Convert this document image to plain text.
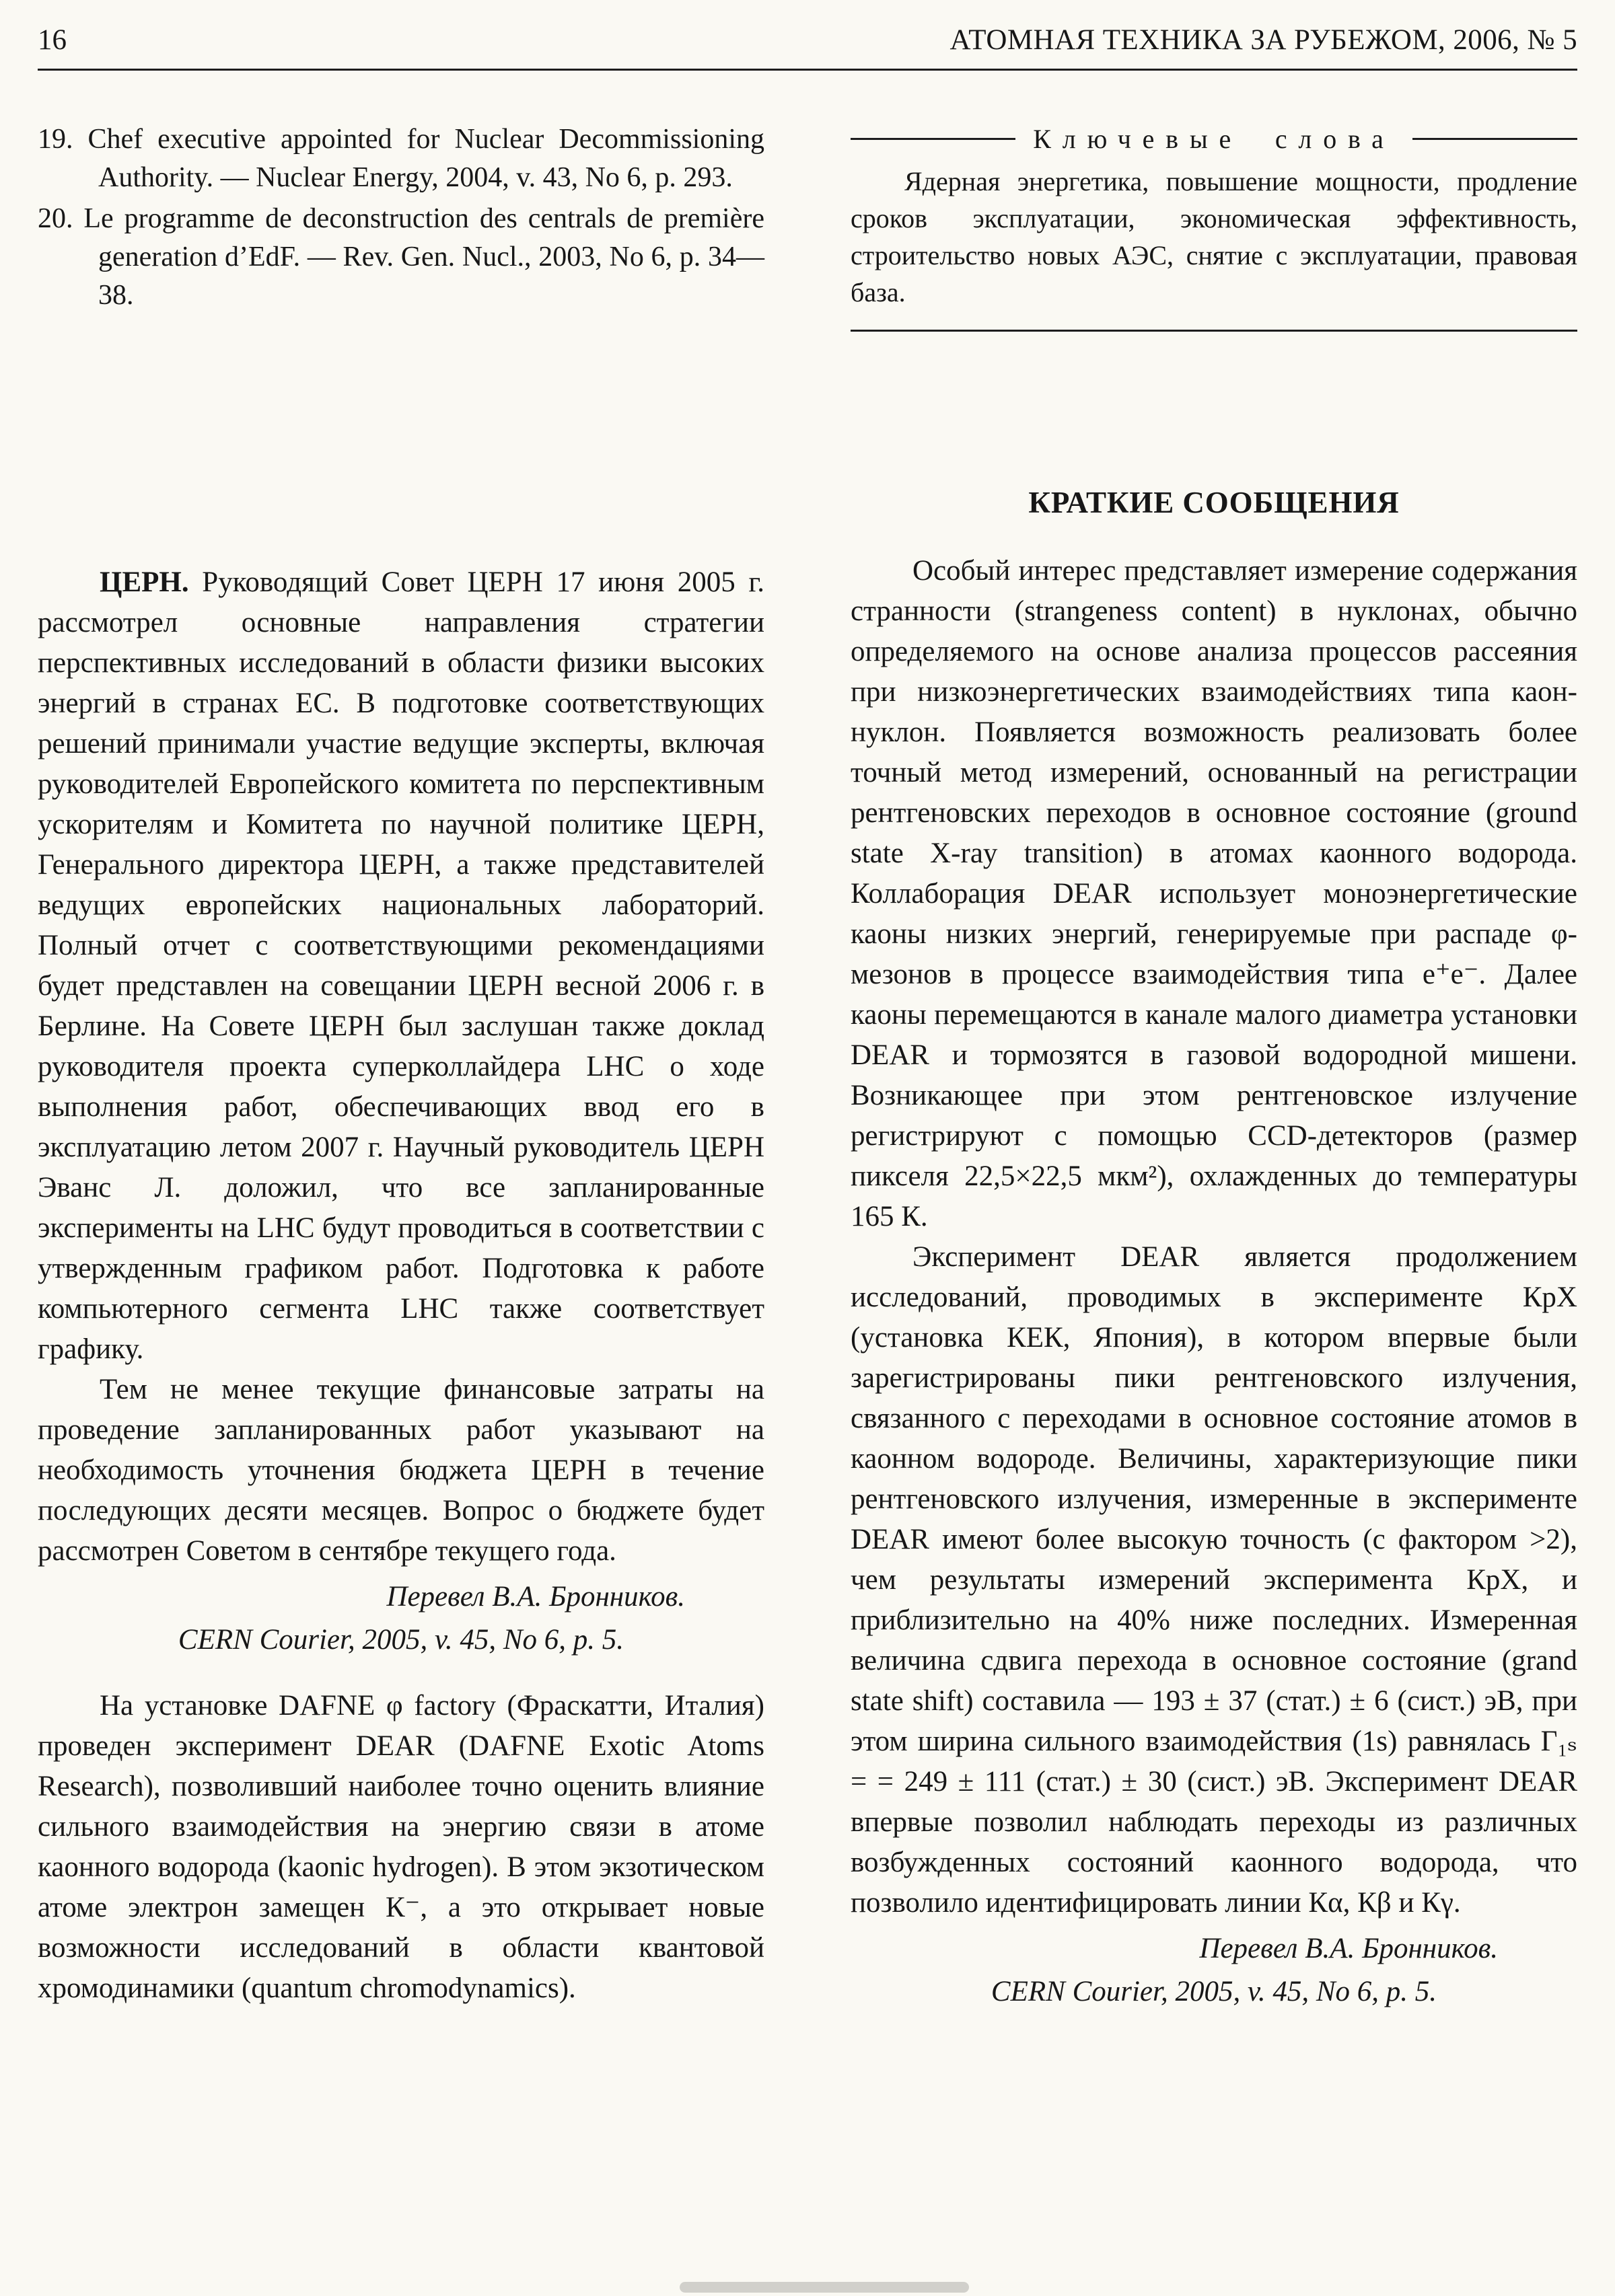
16	АТОМНАЯ ТЕХНИКА ЗА РУБЕЖОМ, 2006, № 5

19. Chef executive appointed for Nuclear Decommissioning Authority. — Nuclear Energy, 2004, v. 43, No 6, p. 293.

20. Le programme de deconstruction des centrals de première generation d’EdF. — Rev. Gen. Nucl., 2003, No 6, p. 34—38.

ЦЕРН. Руководящий Совет ЦЕРН 17 июня 2005 г. рассмотрел основные направления стратегии перспективных исследований в области физики высоких энергий в странах ЕС. В подготовке соответствующих решений принимали участие ведущие эксперты, включая руководителей Европейского комитета по перспективным ускорителям и Комитета по научной политике ЦЕРН, Генерального директора ЦЕРН, а также представителей ведущих европейских национальных лабораторий. Полный отчет с соответствующими рекомендациями будет представлен на совещании ЦЕРН весной 2006 г. в Берлине. На Совете ЦЕРН был заслушан также доклад руководителя проекта суперколлайдера LHC о ходе выполнения работ, обеспечивающих ввод его в эксплуатацию летом 2007 г. Научный руководитель ЦЕРН Эванс Л. доложил, что все запланированные эксперименты на LHC будут проводиться в соответствии с утвержденным графиком работ. Подготовка к работе компьютерного сегмента LHC также соответствует графику.

Тем не менее текущие финансовые затраты на проведение запланированных работ указывают на необходимость уточнения бюджета ЦЕРН в течение последующих десяти месяцев. Вопрос о бюджете будет рассмотрен Советом в сентябре текущего года.

Перевел В.А. Бронников.

CERN Courier, 2005, v. 45, No 6, p. 5.

На установке DAFNE φ factory (Фраскатти, Италия) проведен эксперимент DEAR (DAFNE Exotic Atoms Research), позволивший наиболее точно оценить влияние сильного взаимодействия на энергию связи в атоме каонного водорода (kaonic hydrogen). В этом экзотическом атоме электрон замещен К⁻, а это открывает новые возможности исследований в области квантовой хромодинамики (quantum chromodynamics).

Ключевые слова

Ядерная энергетика, повышение мощности, продление сроков эксплуатации, экономическая эффективность, строительство новых АЭС, снятие с эксплуатации, правовая база.

КРАТКИЕ СООБЩЕНИЯ

Особый интерес представляет измерение содержания странности (strangeness content) в нуклонах, обычно определяемого на основе анализа процессов рассеяния при низкоэнергетических взаимодействиях типа каон-нуклон. Появляется возможность реализовать более точный метод измерений, основанный на регистрации рентгеновских переходов в основное состояние (ground state X-ray transition) в атомах каонного водорода. Коллаборация DEAR использует моноэнергетические каоны низких энергий, генерируемые при распаде φ-мезонов в процессе взаимодействия типа e⁺e⁻. Далее каоны перемещаются в канале малого диаметра установки DEAR и тормозятся в газовой водородной мишени. Возникающее при этом рентгеновское излучение регистрируют с помощью CCD-детекторов (размер пикселя 22,5×22,5 мкм²), охлажденных до температуры 165 К.

Эксперимент DEAR является продолжением исследований, проводимых в эксперименте КрХ (установка КЕК, Япония), в котором впервые были зарегистрированы пики рентгеновского излучения, связанного с переходами в основное состояние атомов в каонном водороде. Величины, характеризующие пики рентгеновского излучения, измеренные в эксперименте DEAR имеют более высокую точность (с фактором >2), чем результаты измерений эксперимента КрХ, и приблизительно на 40% ниже последних. Измеренная величина сдвига перехода в основное состояние (grand state shift) составила — 193 ± 37 (стат.) ± 6 (сист.) эВ, при этом ширина сильного взаимодействия (1s) равнялась Γ₁ₛ = = 249 ± 111 (стат.) ± 30 (сист.) эВ. Эксперимент DEAR впервые позволил наблюдать переходы из различных возбужденных состояний каонного водорода, что позволило идентифицировать линии Кα, Кβ и Кγ.

Перевел В.А. Бронников.

CERN Courier, 2005, v. 45, No 6, p. 5.
